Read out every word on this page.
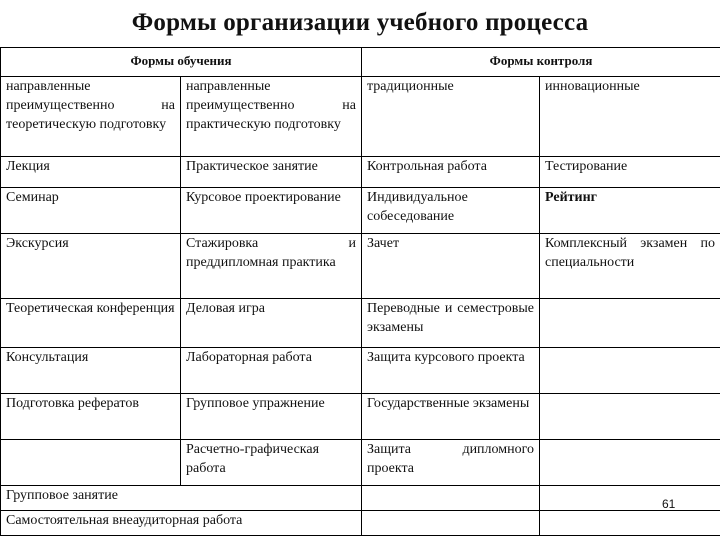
Формы организации учебного процесса
Формы обучения		Формы контроля	
направленные преимущественно на теоретическую подготовку	направленные преимущественно на практическую подготовку	традиционные	инновационные
Лекция	Практическое занятие	Контрольная работа	Тестирование
Семинар	Курсовое проектирование	Индивидуальное собеседование	Рейтинг
Экскурсия	Стажировка и преддипломная практика	Зачет	Комплексный экзамен по специальности
Теоретическая конференция	Деловая игра	Переводные и семестровые экзамены	
Консультация	Лабораторная работа	Защита курсового проекта	
Подготовка рефератов	Групповое упражнение	Государственные экзамены	
	Расчетно-графическая работа	Защита дипломного проекта	
Групповое занятие			
Самостоятельная внеаудиторная работа			
61
